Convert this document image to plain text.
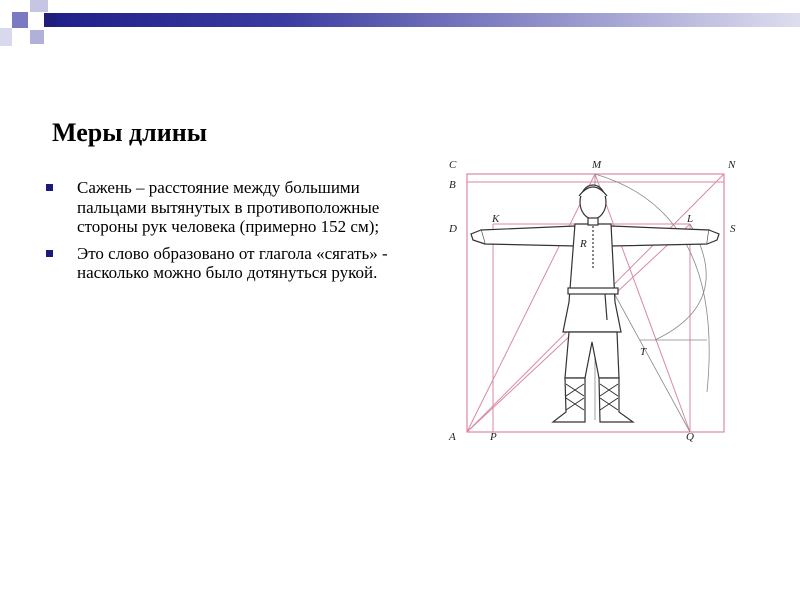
Меры длины
Сажень – расстояние между большими пальцами вытянутых в противоположные стороны рук человека (примерно 152 см);
Это слово образовано от глагола «сягать» - насколько можно было дотянуться рукой.
C	M	N
B
K	L
D	S
R
T
A	P	Q
